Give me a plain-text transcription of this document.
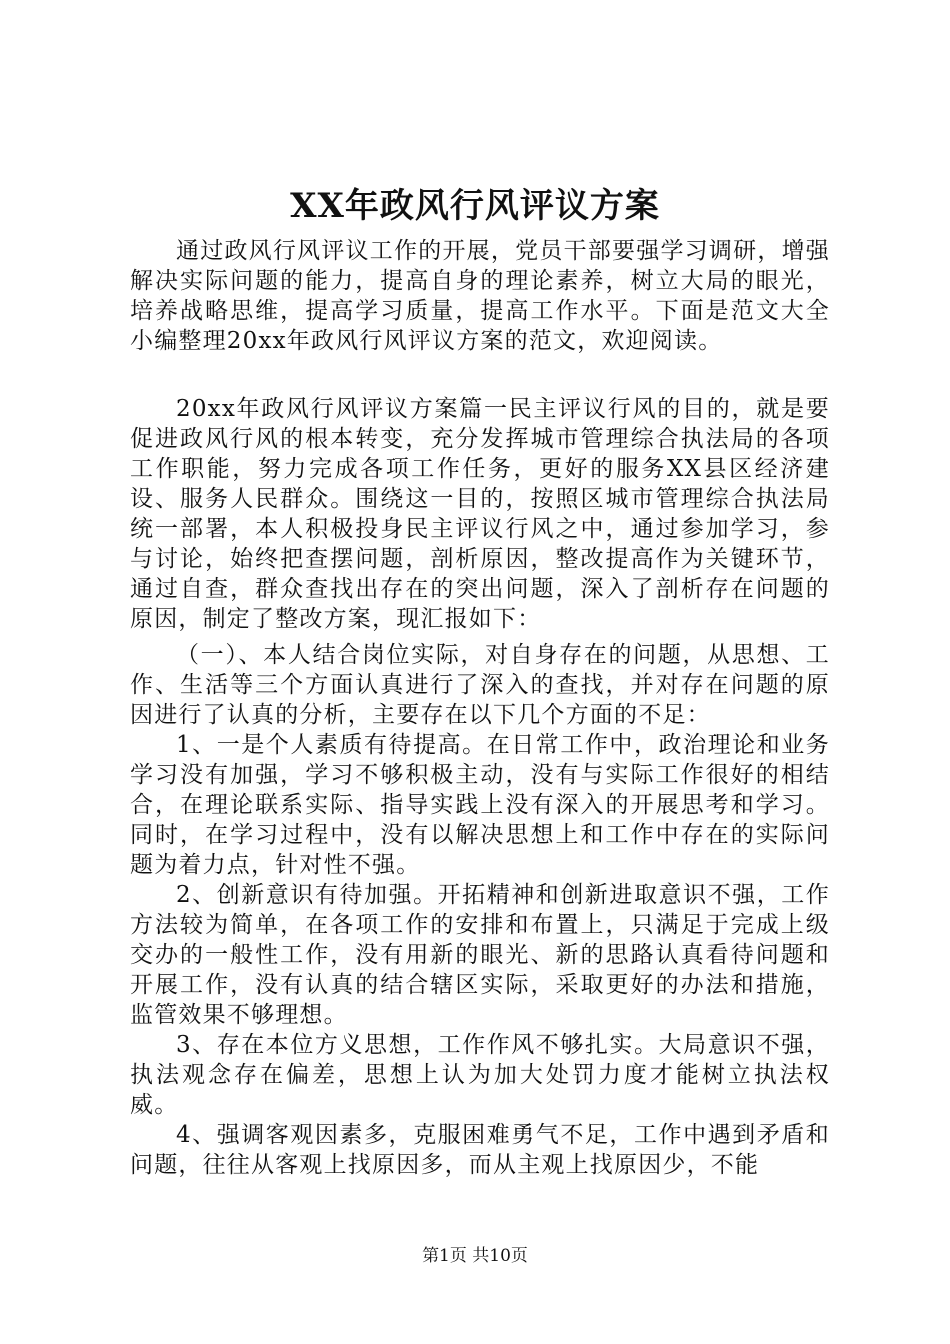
XX年政风行风评议方案

通过政风行风评议工作的开展，党员干部要强学习调研，增强解决实际问题的能力，提高自身的理论素养，树立大局的眼光，培养战略思维，提高学习质量，提高工作水平。下面是范文大全小编整理20xx年政风行风评议方案的范文，欢迎阅读。

20xx年政风行风评议方案篇一民主评议行风的目的，就是要促进政风行风的根本转变，充分发挥城市管理综合执法局的各项工作职能，努力完成各项工作任务，更好的服务XX县区经济建设、服务人民群众。围绕这一目的，按照区城市管理综合执法局统一部署，本人积极投身民主评议行风之中，通过参加学习，参与讨论，始终把查摆问题，剖析原因，整改提高作为关键环节，通过自查，群众查找出存在的突出问题，深入了剖析存在问题的原因，制定了整改方案，现汇报如下：

（一）、本人结合岗位实际，对自身存在的问题，从思想、工作、生活等三个方面认真进行了深入的查找，并对存在问题的原因进行了认真的分析，主要存在以下几个方面的不足：

1、一是个人素质有待提高。在日常工作中，政治理论和业务学习没有加强，学习不够积极主动，没有与实际工作很好的相结合，在理论联系实际、指导实践上没有深入的开展思考和学习。同时，在学习过程中，没有以解决思想上和工作中存在的实际问题为着力点，针对性不强。

2、创新意识有待加强。开拓精神和创新进取意识不强，工作方法较为简单，在各项工作的安排和布置上，只满足于完成上级交办的一般性工作，没有用新的眼光、新的思路认真看待问题和开展工作，没有认真的结合辖区实际，采取更好的办法和措施，监管效果不够理想。

3、存在本位方义思想，工作作风不够扎实。大局意识不强，执法观念存在偏差，思想上认为加大处罚力度才能树立执法权威。

4、强调客观因素多，克服困难勇气不足，工作中遇到矛盾和问题，往往从客观上找原因多，而从主观上找原因少，不能

第1页 共10页
